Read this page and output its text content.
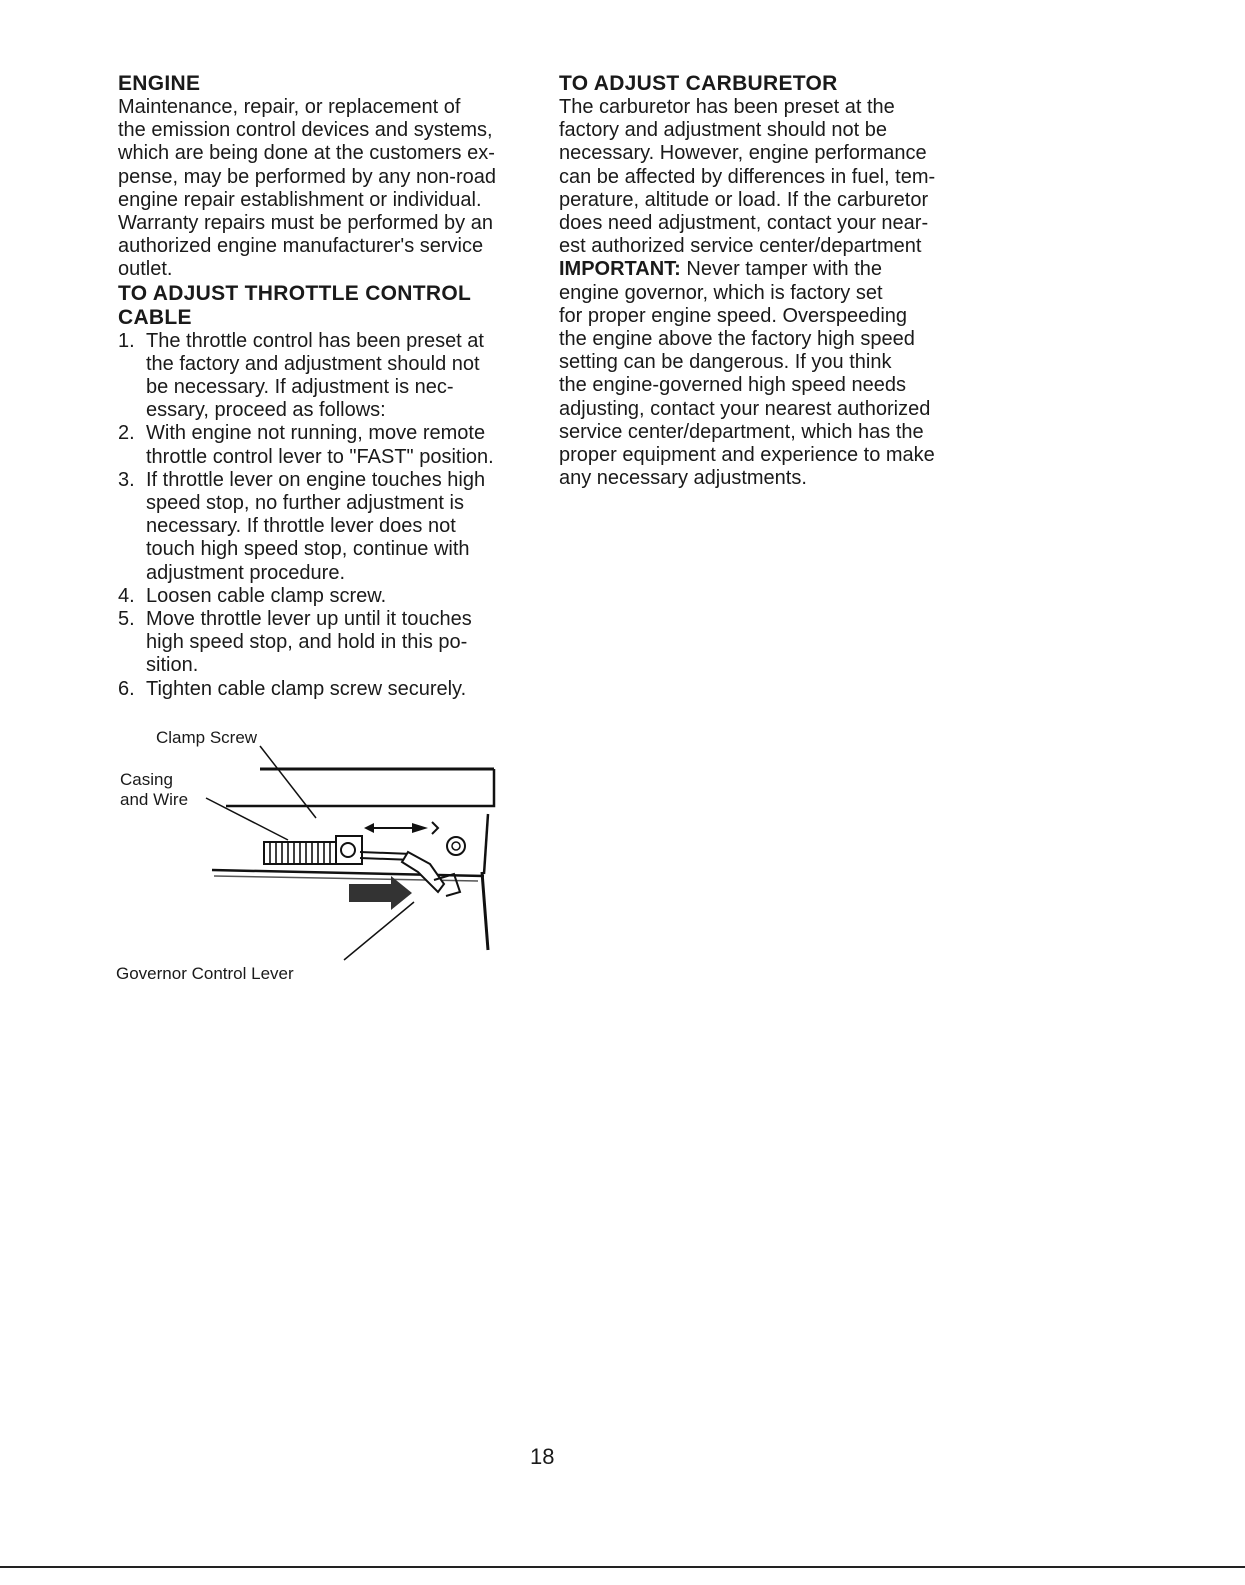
ENGINE

Maintenance, repair, or replacement of
the emission control devices and systems,
which are being done at the customers ex-
pense, may be performed by any non-road
engine repair establishment or individual.
Warranty repairs must be performed by an
authorized engine manufacturer's service
outlet.

TO ADJUST THROTTLE CONTROL
CABLE
1. The throttle control has been preset at
the factory and adjustment should not
be necessary. If adjustment is nec-
essary, proceed as follows:
2. With engine not running, move remote
throttle control lever to "FAST" position.
3. If throttle lever on engine touches high
speed stop, no further adjustment is
necessary. If throttle lever does not
touch high speed stop, continue with
adjustment procedure.
4. Loosen cable clamp screw.
5. Move throttle lever up until it touches
high speed stop, and hold in this po-
sition.
6. Tighten cable clamp screw securely.
Clamp Screw
Casing
and Wire
Governor Control Lever
TO ADJUST CARBURETOR

The carburetor has been preset at the
factory and adjustment should not be
necessary. However, engine performance
can be affected by differences in fuel, tem-
perature, altitude or load. If the carburetor
does need adjustment, contact your near-
est authorized service center/department

IMPORTANT: Never tamper with the
engine governor, which is factory set
for proper engine speed. Overspeeding
the engine above the factory high speed
setting can be dangerous. If you think
the engine-governed high speed needs
adjusting, contact your nearest authorized
service center/department, which has the
proper equipment and experience to make
any necessary adjustments.

18
